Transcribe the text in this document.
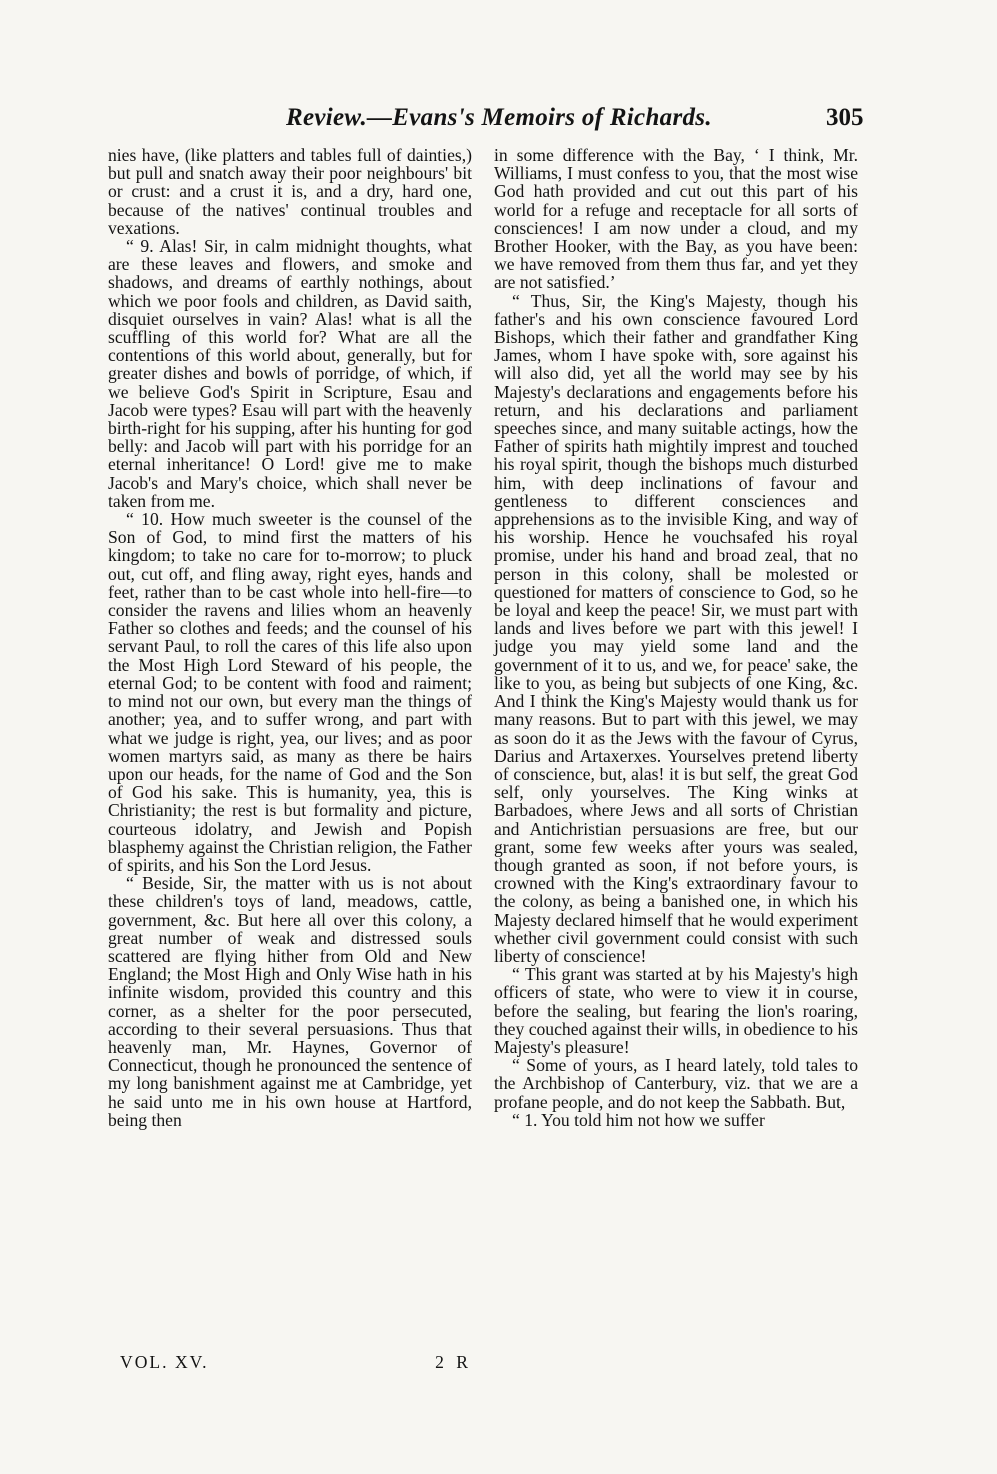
Review.—Evans's Memoirs of Richards.	305

nies have, (like platters and tables full of dainties,) but pull and snatch away their poor neighbours' bit or crust: and a crust it is, and a dry, hard one, because of the natives' continual troubles and vexations.

“ 9. Alas! Sir, in calm midnight thoughts, what are these leaves and flowers, and smoke and shadows, and dreams of earthly nothings, about which we poor fools and children, as David saith, disquiet ourselves in vain? Alas! what is all the scuffling of this world for? What are all the contentions of this world about, generally, but for greater dishes and bowls of porridge, of which, if we believe God's Spirit in Scripture, Esau and Jacob were types? Esau will part with the heavenly birth-right for his supping, after his hunting for god belly: and Jacob will part with his porridge for an eternal inheritance! O Lord! give me to make Jacob's and Mary's choice, which shall never be taken from me.

“ 10. How much sweeter is the counsel of the Son of God, to mind first the matters of his kingdom; to take no care for to-morrow; to pluck out, cut off, and fling away, right eyes, hands and feet, rather than to be cast whole into hell-fire—to consider the ravens and lilies whom an heavenly Father so clothes and feeds; and the counsel of his servant Paul, to roll the cares of this life also upon the Most High Lord Steward of his people, the eternal God; to be content with food and raiment; to mind not our own, but every man the things of another; yea, and to suffer wrong, and part with what we judge is right, yea, our lives; and as poor women martyrs said, as many as there be hairs upon our heads, for the name of God and the Son of God his sake. This is humanity, yea, this is Christianity; the rest is but formality and picture, courteous idolatry, and Jewish and Popish blasphemy against the Christian religion, the Father of spirits, and his Son the Lord Jesus.

“ Beside, Sir, the matter with us is not about these children's toys of land, meadows, cattle, government, &c. But here all over this colony, a great number of weak and distressed souls scattered are flying hither from Old and New England; the Most High and Only Wise hath in his infinite wisdom, provided this country and this corner, as a shelter for the poor persecuted, according to their several persuasions. Thus that heavenly man, Mr. Haynes, Governor of Connecticut, though he pronounced the sentence of my long banishment against me at Cambridge, yet he said unto me in his own house at Hartford, being then

VOL. XV.	2 R

in some difference with the Bay, ‘ I think, Mr. Williams, I must confess to you, that the most wise God hath provided and cut out this part of his world for a refuge and receptacle for all sorts of consciences! I am now under a cloud, and my Brother Hooker, with the Bay, as you have been: we have removed from them thus far, and yet they are not satisfied.’

“ Thus, Sir, the King's Majesty, though his father's and his own conscience favoured Lord Bishops, which their father and grandfather King James, whom I have spoke with, sore against his will also did, yet all the world may see by his Majesty's declarations and engagements before his return, and his declarations and parliament speeches since, and many suitable actings, how the Father of spirits hath mightily imprest and touched his royal spirit, though the bishops much disturbed him, with deep inclinations of favour and gentleness to different consciences and apprehensions as to the invisible King, and way of his worship. Hence he vouchsafed his royal promise, under his hand and broad zeal, that no person in this colony, shall be molested or questioned for matters of conscience to God, so he be loyal and keep the peace! Sir, we must part with lands and lives before we part with this jewel! I judge you may yield some land and the government of it to us, and we, for peace' sake, the like to you, as being but subjects of one King, &c. And I think the King's Majesty would thank us for many reasons. But to part with this jewel, we may as soon do it as the Jews with the favour of Cyrus, Darius and Artaxerxes. Yourselves pretend liberty of conscience, but, alas! it is but self, the great God self, only yourselves. The King winks at Barbadoes, where Jews and all sorts of Christian and Antichristian persuasions are free, but our grant, some few weeks after yours was sealed, though granted as soon, if not before yours, is crowned with the King's extraordinary favour to the colony, as being a banished one, in which his Majesty declared himself that he would experiment whether civil government could consist with such liberty of conscience!

“ This grant was started at by his Majesty's high officers of state, who were to view it in course, before the sealing, but fearing the lion's roaring, they couched against their wills, in obedience to his Majesty's pleasure!

“ Some of yours, as I heard lately, told tales to the Archbishop of Canterbury, viz. that we are a profane people, and do not keep the Sabbath. But,

“ 1. You told him not how we suffer
